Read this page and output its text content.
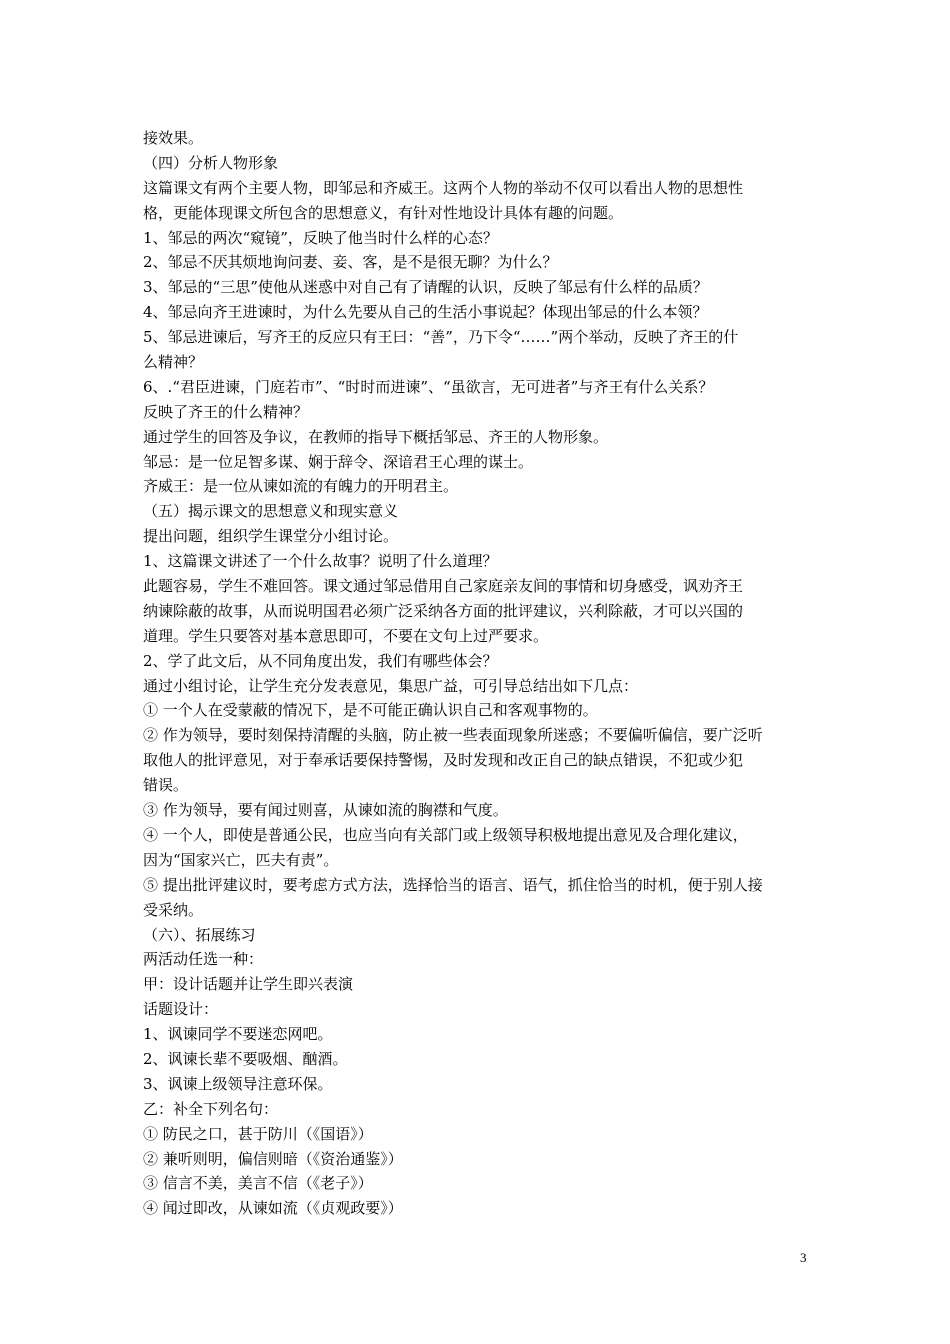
接效果。
（四）分析人物形象
这篇课文有两个主要人物，即邹忌和齐威王。这两个人物的举动不仅可以看出人物的思想性
格，更能体现课文所包含的思想意义，有针对性地设计具体有趣的问题。
1、邹忌的两次“窥镜”，反映了他当时什么样的心态？
2、邹忌不厌其烦地询问妻、妾、客，是不是很无聊？为什么？
3、邹忌的“三思”使他从迷惑中对自己有了请醒的认识，反映了邹忌有什么样的品质？
4、邹忌向齐王进谏时，为什么先要从自己的生活小事说起？体现出邹忌的什么本领？
5、邹忌进谏后，写齐王的反应只有王曰：“善”，乃下令“……”两个举动，反映了齐王的什
么精神？
6、.“君臣进谏，门庭若市”、“时时而进谏”、“虽欲言，无可进者”与齐王有什么关系？
反映了齐王的什么精神？
通过学生的回答及争议，在教师的指导下概括邹忌、齐王的人物形象。
邹忌：是一位足智多谋、娴于辞令、深谙君王心理的谋士。
齐威王：是一位从谏如流的有魄力的开明君主。
（五）揭示课文的思想意义和现实意义
提出问题，组织学生课堂分小组讨论。
1、这篇课文讲述了一个什么故事？说明了什么道理？
此题容易，学生不难回答。课文通过邹忌借用自己家庭亲友间的事情和切身感受，讽劝齐王
纳谏除蔽的故事，从而说明国君必须广泛采纳各方面的批评建议，兴利除蔽，才可以兴国的
道理。学生只要答对基本意思即可，不要在文句上过严要求。
2、学了此文后，从不同角度出发，我们有哪些体会？
通过小组讨论，让学生充分发表意见，集思广益，可引导总结出如下几点：
① 一个人在受蒙蔽的情况下，是不可能正确认识自己和客观事物的。
② 作为领导，要时刻保持清醒的头脑，防止被一些表面现象所迷惑；不要偏听偏信，要广泛听
取他人的批评意见，对于奉承话要保持警惕，及时发现和改正自己的缺点错误，不犯或少犯
错误。
③ 作为领导，要有闻过则喜，从谏如流的胸襟和气度。
④ 一个人，即使是普通公民，也应当向有关部门或上级领导积极地提出意见及合理化建议，
因为“国家兴亡，匹夫有责”。
⑤ 提出批评建议时，要考虑方式方法，选择恰当的语言、语气，抓住恰当的时机，便于别人接
受采纳。
（六）、拓展练习
两活动任选一种：
甲：设计话题并让学生即兴表演
话题设计：
1、讽谏同学不要迷恋网吧。
2、讽谏长辈不要吸烟、酗酒。
3、讽谏上级领导注意环保。
乙：补全下列名句：
① 防民之口，甚于防川（《国语》）
② 兼听则明，偏信则暗（《资治通鉴》）
③ 信言不美，美言不信（《老子》）
④ 闻过即改，从谏如流（《贞观政要》）
3
